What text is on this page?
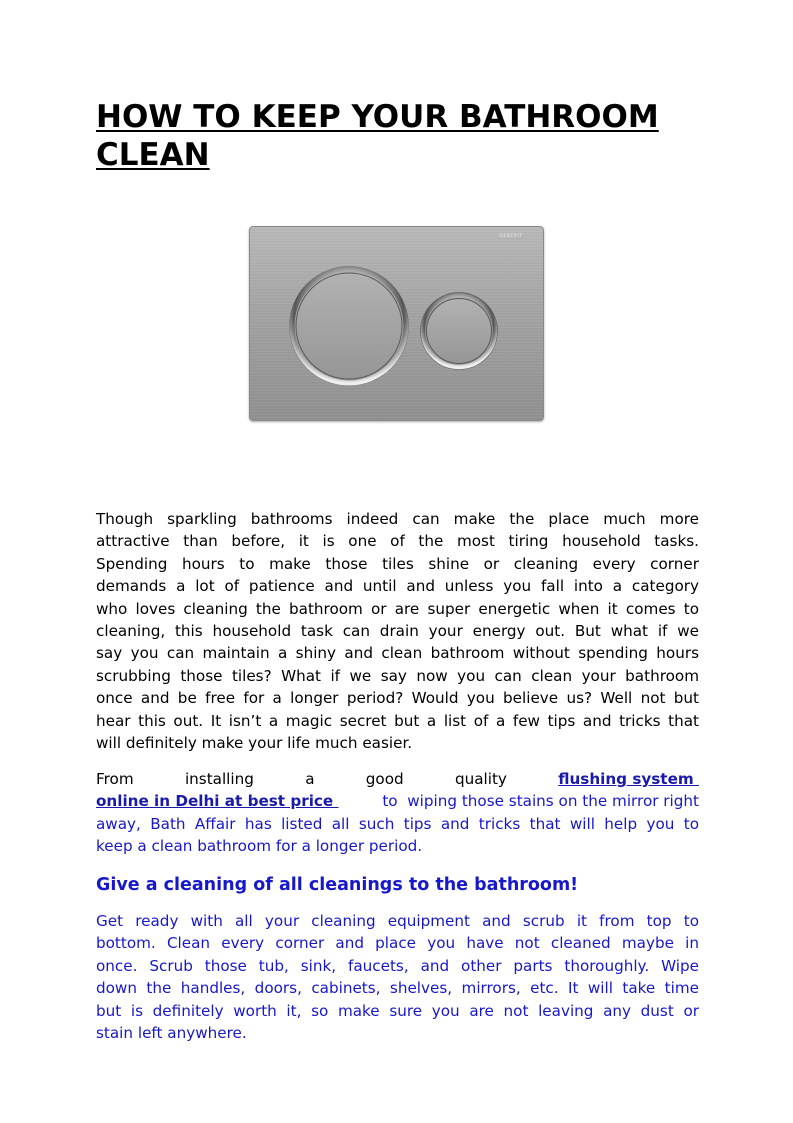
HOW TO KEEP YOUR BATHROOM CLEAN
GEBERIT
Though sparkling bathrooms indeed can make the place much more
attractive than before, it is one of the most tiring household tasks.
Spending hours to make those tiles shine or cleaning every corner
demands a lot of patience and until and unless you fall into a category
who loves cleaning the bathroom or are super energetic when it comes to
cleaning, this household task can drain your energy out. But what if we
say you can maintain a shiny and clean bathroom without spending hours
scrubbing those tiles? What if we say now you can clean your bathroom
once and be free for a longer period? Would you believe us? Well not but
hear this out. It isn’t a magic secret but a list of a few tips and tricks that
will definitely make your life much easier.
From	installing	a	good	quality	flushing system
online in Delhi at best price	to  wiping those stains on the mirror right
away, Bath Affair has listed all such tips and tricks that will help you to
keep a clean bathroom for a longer period.
Give a cleaning of all cleanings to the bathroom!
Get ready with all your cleaning equipment and scrub it from top to
bottom. Clean every corner and place you have not cleaned maybe in
once. Scrub those tub, sink, faucets, and other parts thoroughly. Wipe
down the handles, doors, cabinets, shelves, mirrors, etc. It will take time
but is definitely worth it, so make sure you are not leaving any dust or
stain left anywhere.
